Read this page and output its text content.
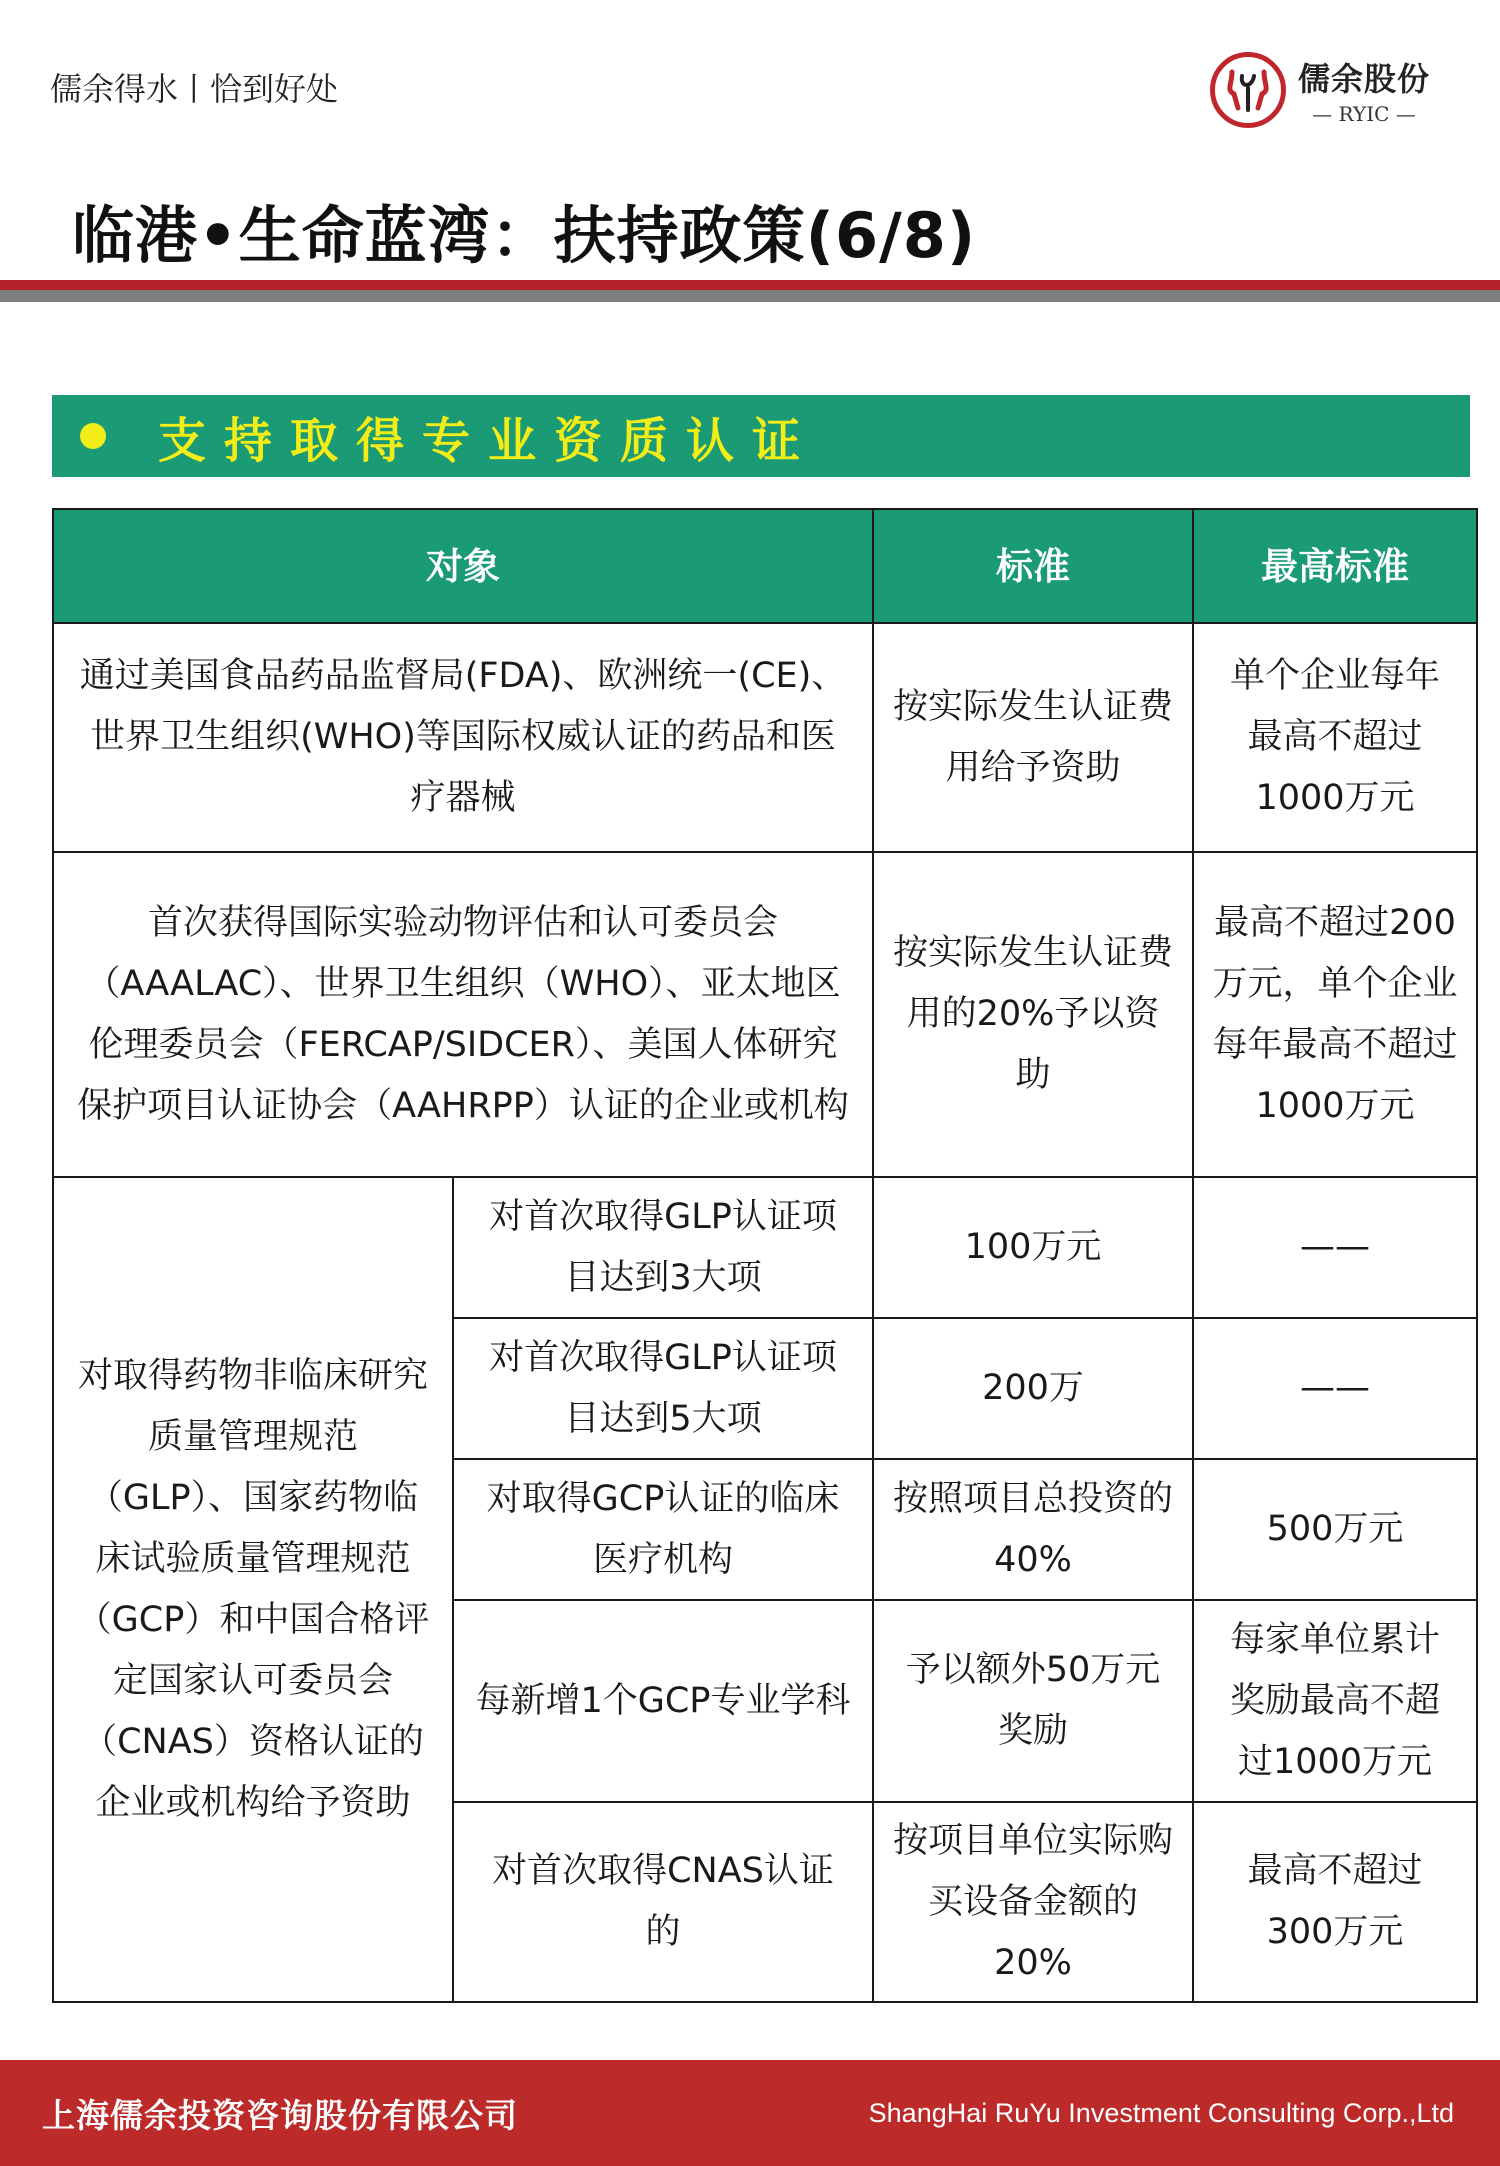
儒余得水丨恰到好处	儒余股份
— RYIC —
临港•生命蓝湾：扶持政策(6/8)
支持取得专业资质认证
对象		标准	最高标准
通过美国食品药品监督局(FDA)、欧洲统一(CE)、世界卫生组织(WHO)等国际权威认证的药品和医疗器械		按实际发生认证费用给予资助	单个企业每年最高不超过1000万元
首次获得国际实验动物评估和认可委员会（AAALAC）、世界卫生组织（WHO）、亚太地区伦理委员会（FERCAP/SIDCER）、美国人体研究保护项目认证协会（AAHRPP）认证的企业或机构		按实际发生认证费用的20%予以资助	最高不超过200万元，单个企业每年最高不超过1000万元
对取得药物非临床研究质量管理规范（GLP）、国家药物临床试验质量管理规范（GCP）和中国合格评定国家认可委员会（CNAS）资格认证的企业或机构给予资助	对首次取得GLP认证项目达到3大项	100万元	——
	对首次取得GLP认证项目达到5大项	200万	——
	对取得GCP认证的临床医疗机构	按照项目总投资的40%	500万元
	每新增1个GCP专业学科	予以额外50万元奖励	每家单位累计奖励最高不超过1000万元
	对首次取得CNAS认证的	按项目单位实际购买设备金额的20%	最高不超过300万元
上海儒余投资咨询股份有限公司	ShangHai RuYu Investment Consulting Corp.,Ltd
